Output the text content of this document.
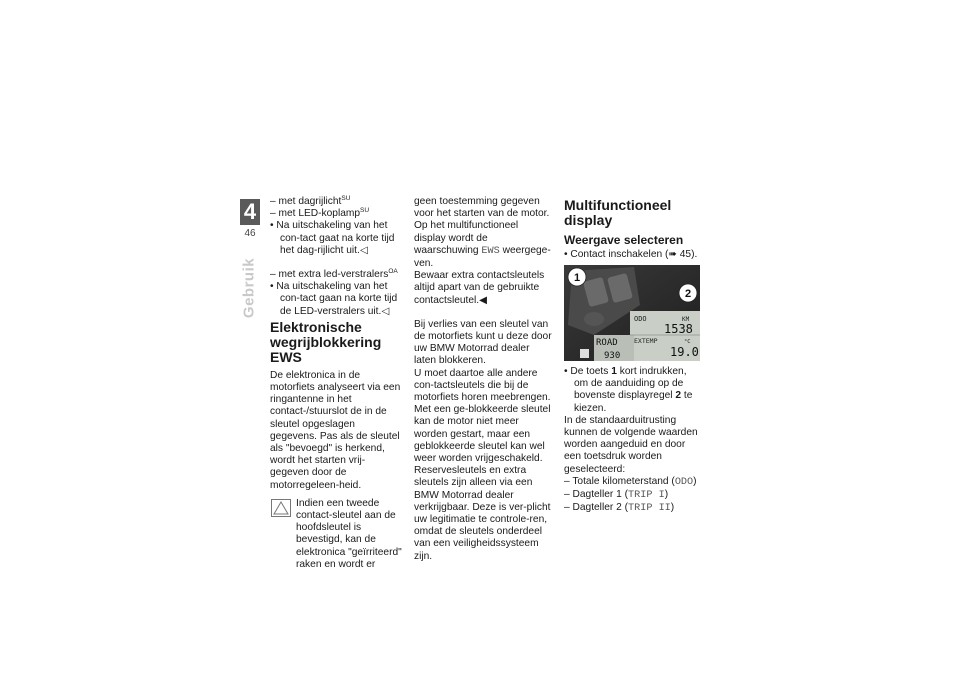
4
46
Gebruik

– met dagrijlicht$^{SU}$

– met LED-koplamp$^{SU}$

• Na uitschakeling van het con-tact gaat na korte tijd het dag-rijlicht uit.◁

– met extra led-verstralers$^{OA}$

• Na uitschakeling van het con-tact gaan na korte tijd de LED-verstralers uit.◁

Elektronische wegrijblokkering EWS

De elektronica in de motorfiets analyseert via een ringantenne in het contact-/stuurslot de in de sleutel opgeslagen gegevens. Pas als de sleutel als "bevoegd" is herkend, wordt het starten vrij-gegeven door de motorregeleen-heid.

Indien een tweede contact-sleutel aan de hoofdsleutel is bevestigd, kan de elektronica "geïrriteerd" raken en wordt er

geen toestemming gegeven voor het starten van de motor. Op het multifunctioneel display wordt de waarschuwing EWS weergege-ven.

Bewaar extra contactsleutels altijd apart van de gebruikte contactsleutel.◀

Bij verlies van een sleutel van de motorfiets kunt u deze door uw BMW Motorrad dealer laten blokkeren.

U moet daartoe alle andere con-tactsleutels die bij de motorfiets horen meebrengen. Met een ge-blokkeerde sleutel kan de motor niet meer worden gestart, maar een geblokkeerde sleutel kan wel weer worden vrijgeschakeld. Reservesleutels en extra sleutels zijn alleen via een BMW Motorrad dealer verkrijgbaar. Deze is ver-plicht uw legitimatie te controle-ren, omdat de sleutels onderdeel van een veiligheidssysteem zijn.

Multifunctioneel display
Weergave selecteren

• Contact inschakelen (➠ 45).

ODO	KM
1538
EXTEMP	°C
19.0
ROAD
930
1
2

• De toets 1 kort indrukken, om de aanduiding op de bovenste displayregel 2 te kiezen.

In de standaarduitrusting kunnen de volgende waarden worden aangeduid en door een toetsdruk worden geselecteerd:

– Totale kilometerstand (ODO)

– Dagteller 1 (TRIP I)

– Dagteller 2 (TRIP II)
